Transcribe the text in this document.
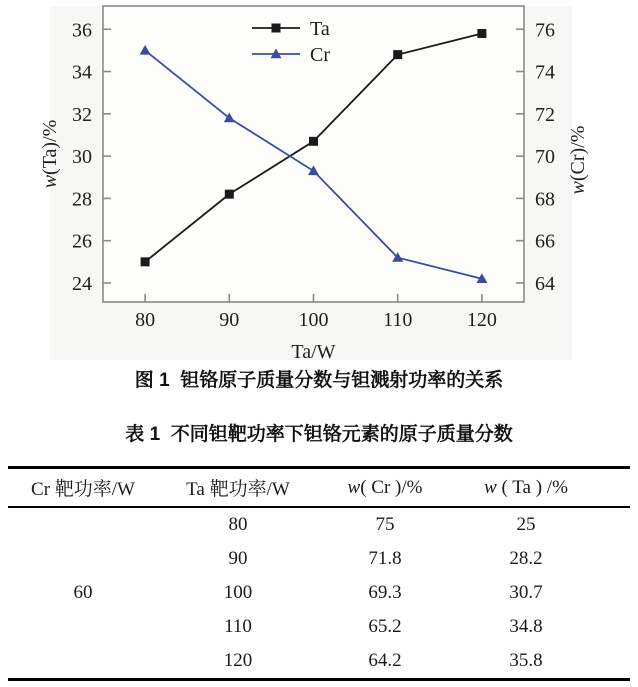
24
26
28
30
32
34
36
64
66
68
70
72
74
76
80	90	100	110	120
w(Ta)/%
w(Cr)/%
Ta/W
Ta
Cr
图 1  钽铬原子质量分数与钽溅射功率的关系
表 1  不同钽靶功率下钽铬元素的原子质量分数
Cr 靶功率/W	Ta 靶功率/W	w( Cr )/%	w ( Ta ) /%
60	80	75	25
	90	71.8	28.2
	100	69.3	30.7
	110	65.2	34.8
	120	64.2	35.8
